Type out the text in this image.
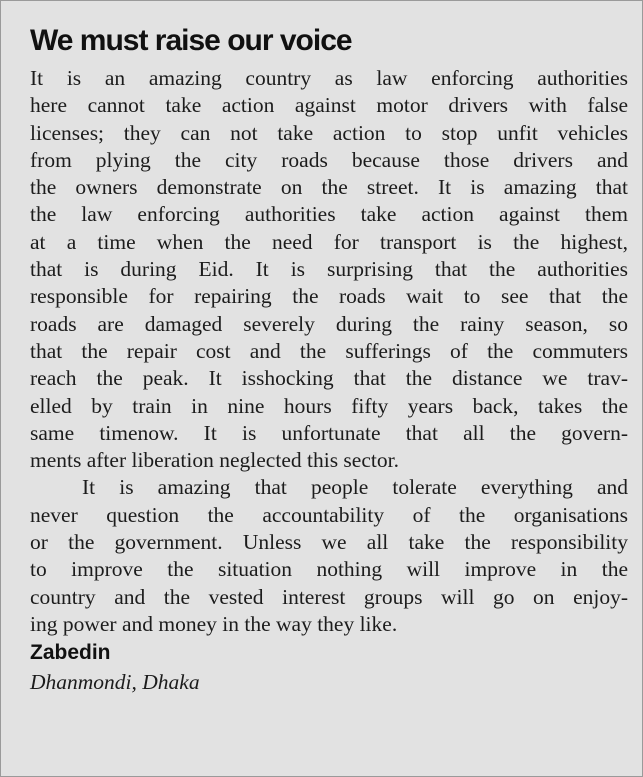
We must raise our voice
It is an amazing country as law enforcing authorities
here cannot take action against motor drivers with false
licenses; they can not take action to stop unfit vehicles
from plying the city roads because those drivers and
the owners demonstrate on the street. It is amazing that
the law enforcing authorities take action against them
at a time when the need for transport is the highest,
that is during Eid. It is surprising that the authorities
responsible for repairing the roads wait to see that the
roads are damaged severely during the rainy season, so
that the repair cost and the sufferings of the commuters
reach the peak. It isshocking that the distance we trav-
elled by train in nine hours fifty years back, takes the
same timenow. It is unfortunate that all the govern-
ments after liberation neglected this sector.
It is amazing that people tolerate everything and
never question the accountability of the organisations
or the government. Unless we all take the responsibility
to improve the situation nothing will improve in the
country and the vested interest groups will go on enjoy-
ing power and money in the way they like.
Zabedin
Dhanmondi, Dhaka
